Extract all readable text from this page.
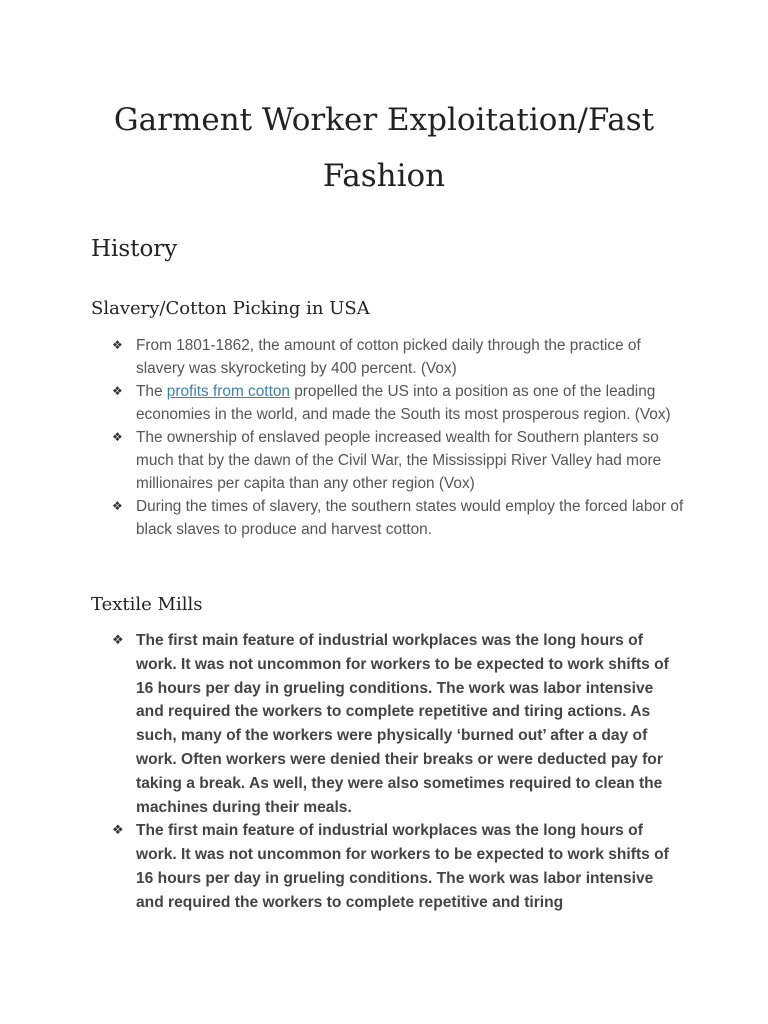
Garment Worker Exploitation/Fast Fashion
History
Slavery/Cotton Picking in USA
❖ From 1801-1862, the amount of cotton picked daily through the practice of slavery was skyrocketing by 400 percent. (Vox)
❖ The profits from cotton propelled the US into a position as one of the leading economies in the world, and made the South its most prosperous region. (Vox)
❖ The ownership of enslaved people increased wealth for Southern planters so much that by the dawn of the Civil War, the Mississippi River Valley had more millionaires per capita than any other region (Vox)
❖ During the times of slavery, the southern states would employ the forced labor of black slaves to produce and harvest cotton.
Textile Mills
❖ The first main feature of industrial workplaces was the long hours of work. It was not uncommon for workers to be expected to work shifts of 16 hours per day in grueling conditions. The work was labor intensive and required the workers to complete repetitive and tiring actions. As such, many of the workers were physically ‘burned out’ after a day of work. Often workers were denied their breaks or were deducted pay for taking a break. As well, they were also sometimes required to clean the machines during their meals.
❖ The first main feature of industrial workplaces was the long hours of work. It was not uncommon for workers to be expected to work shifts of 16 hours per day in grueling conditions. The work was labor intensive and required the workers to complete repetitive and tiring
